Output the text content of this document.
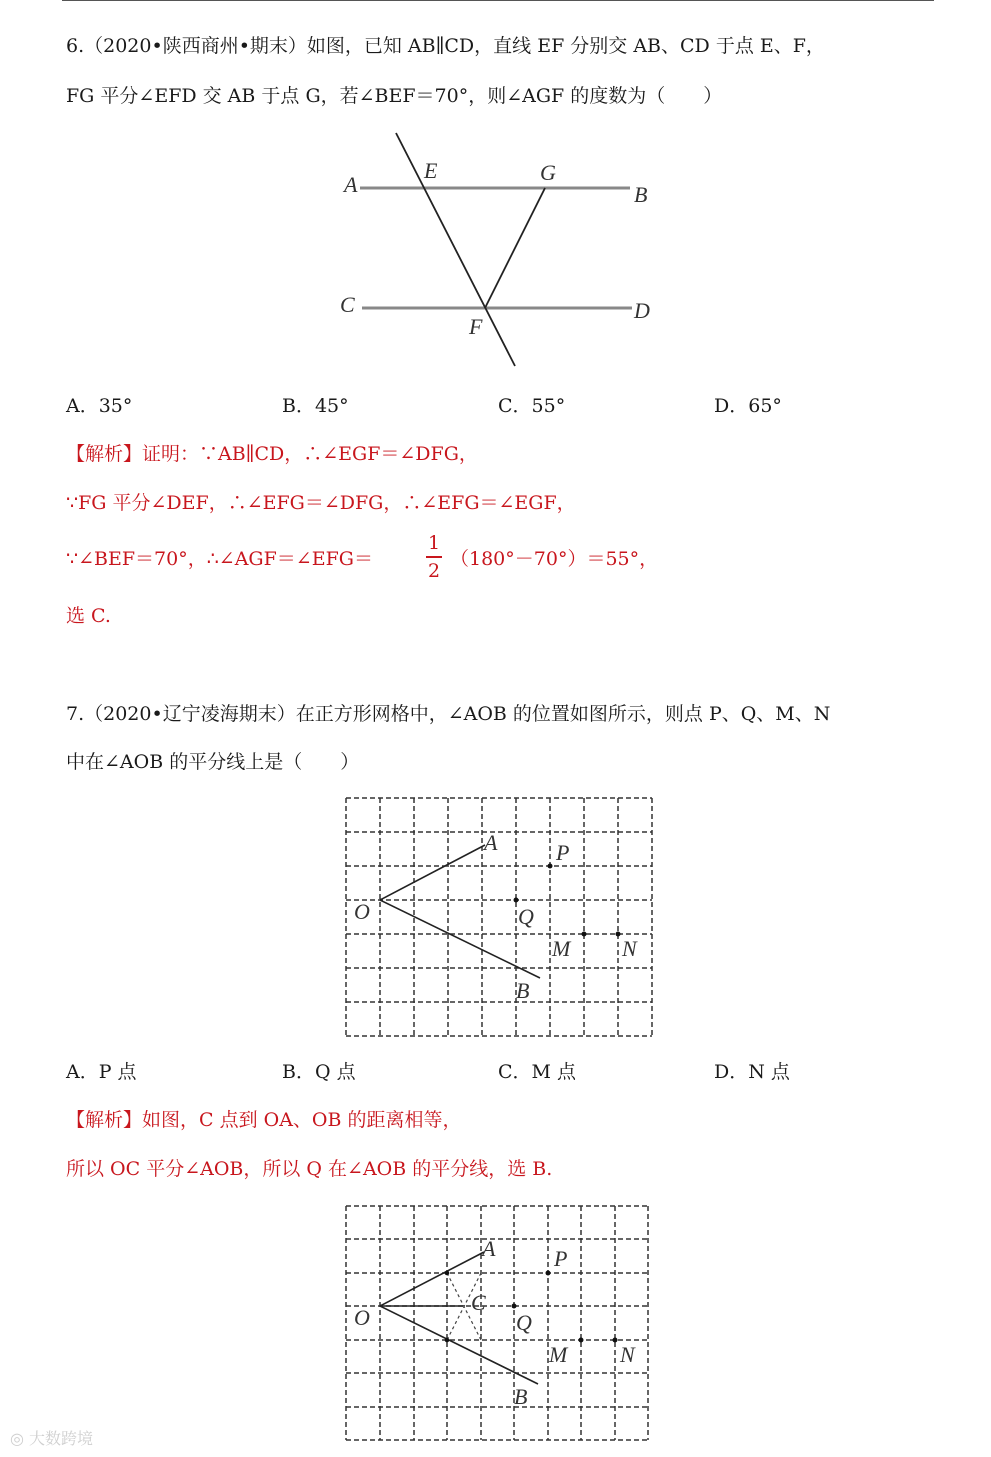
6.（2020•陕西商州•期末）如图，已知 AB∥CD，直线 EF 分别交 AB、CD 于点 E、F，
FG 平分∠EFD 交 AB 于点 G，若∠BEF＝70°，则∠AGF 的度数为（　　）
A
E	G
B
C
F
D
A	P
O	Q
M N
B
A	P
C
O	Q
M N
B
A．35°	B．45°	C．55°	D．65°
【解析】证明：∵AB∥CD，∴∠EGF＝∠DFG，
∵FG 平分∠DEF，∴∠EFG＝∠DFG，∴∠EFG＝∠EGF，
∵∠BEF＝70°，∴∠AGF＝∠EFG＝
1
2
（180°－70°）＝55°，
选 C.
7.（2020•辽宁凌海期末）在正方形网格中，∠AOB 的位置如图所示，则点 P、Q、M、N
中在∠AOB 的平分线上是（　　）
A．P 点	B．Q 点	C．M 点	D．N 点
【解析】如图，C 点到 OA、OB 的距离相等，
所以 OC 平分∠AOB，所以 Q 在∠AOB 的平分线，选 B.
◎ 大数跨境
